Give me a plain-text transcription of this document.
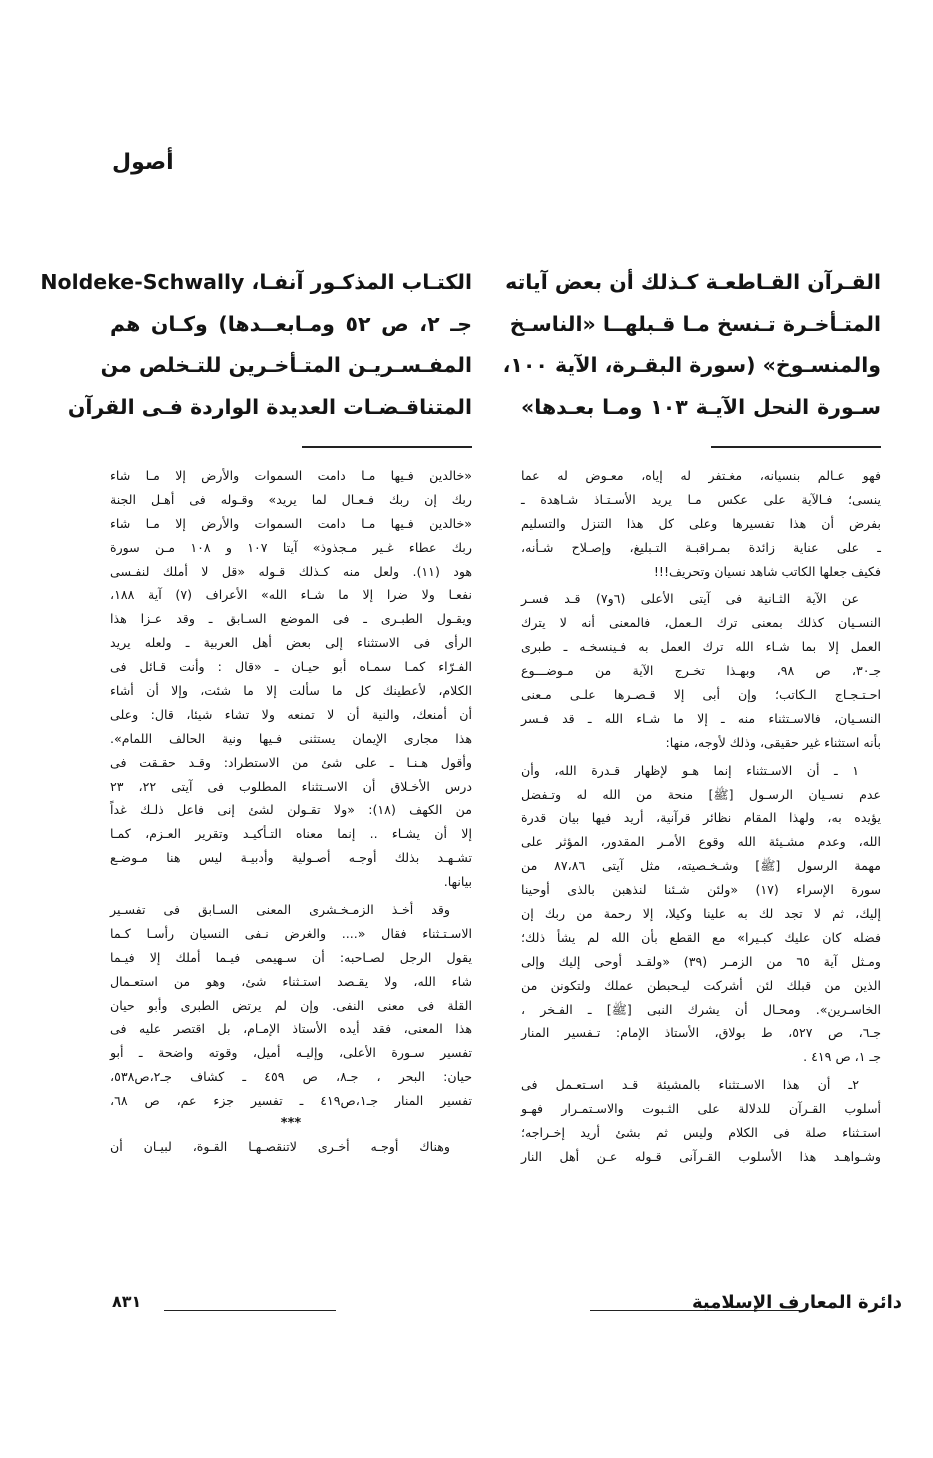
أصول
القـرآن القـاطعـة كـذلك أن بعض آياته
المتـأخـرة تـنسخ مـا قـبلهــا «الناسـخ
والمنسـوخ» (سورة البقـرة، الآية ١٠٠،
سـورة النحل الآيـة ١٠٣ ومـا بعـدها»
فهو عـالم بنسيانه، مغـتفر له إياه، معـوض له عما
ينسى؛ فـالآية على عكس مـا يريد الأسـتـاذ شـاهدة ـ
بفرض أن هذا تفسيرها وعلى كل هذا التنزل والتسليم
ـ على عناية زائدة بمـراقبـة التـبليغ، وإصـلاح شـأنه،
فكيف جعلها الكاتب شاهد نسيان وتحريف!!!
عن الآية الثـانية فى آيتى الأعلى (٦و٧) قـد فسـر
النسـيان كذلك بمعنى ترك الـعمل، فالمعنى أنه لا يترك
العمل إلا بما شـاء الله ترك العمل به فـينسخـه ـ طبرى
جـ٣٠، ص ٩٨، وبهـذا تخـرج الآية من مـوضـــوع
احـتـجـاج الـكاتب؛ وإن أبى إلا قـصـرها علـى مـعنى
النسـيان، فالاسـتثناء منه ـ إلا ما شـاء الله ـ قد فـسر
بأنه استثناء غير حقيقى، وذلك لأوجه، منها:
١ ـ أن الاسـتثناء إنما هـو لإظهار قـدرة الله، وأن
عدم نسـيان الرسـول [ﷺ] منحة من الله له وتـفضل
يؤيده به، ولهذا المقام نظائر قرآنية، أريد فيها بيان قدرة
الله، وعدم مشـيئة الله وقوع الأمـر المقدور، المؤثر على
مهمة الرسول [ﷺ] وشـخـصيته، مثل آيتى ٨٧،٨٦ من
سورة الإسراء (١٧) «ولئن شـئنا لنذهبن بالذى أوحينا
إليك، ثم لا تجد لك به علينا وكيلا، إلا رحمة من ربك إن
فضله كان عليك كبـيرا» مع القطع بأن الله لم يشأ ذلك؛
ومـثل آية ٦٥ من الزمـر (٣٩) «ولقـد أوحى إليك وإلى
الذين من قبلك لئن أشركت ليـحبطن عملك ولتكونن من
الخاسـرين». ومحـال أن يشرك النبى [ﷺ] ـ الفـخر ،
جـ٦، ص ٥٢٧، ط بولاق، الأستاذ الإمام: تـفسير المنار
جـ ١، ص ٤١٩ .
٢ـ أن هذا الاسـتثناء بالمشيئة قـد اسـتعـمل فى
أسلوب القـرآن للدلالة على الثـبوت والاسـتمـرار فهـو
استـثناء صلة فى الكلام وليس ثم بشئ أريد إخـراجه؛
وشـواهـد هذا الأسلوب القـرآنى قـوله عـن أهل النار
الكتـاب المذكـور آنفـا، Noldeke-Schwally
جـ ٢، ص ٥٢ ومـابعــدها) وكـان هم
المفـسـريـن المتـأخـرين للتـخلص من
المتناقـضـات العديدة الواردة فـى القرآن
«خالدين فـيها مـا دامت السموات والأرض إلا مـا شاء
ربك إن ربك فـعـال لما يريد» وقـوله فى أهـل الجنة
«خالدين فـيها مـا دامت السموات والأرض إلا مـا شاء
ربك عطاء غـير مـجذوذ» آيتا ١٠٧ و ١٠٨ مـن سورة
هود (١١). ولعل منه كـذلك قـوله «قل لا أملك لنفـسى
نفعـا ولا ضرا إلا ما شـاء الله» الأعراف (٧) آية ١٨٨،
ويقـول الطبـرى ـ فى الموضع السـابق ـ وقد عـزا هذا
الرأى فى الاستثناء إلى بعض أهل العربية ـ ولعله يريد
الفـرّاء كمـا سمـاه أبو حيـان ـ «قال : وأنت قـائل فى
الكلام، لأعطينك كل ما سألت إلا ما شئت، وإلا أن أشاء
أن أمنعك، والنية أن لا تمنعه ولا تشاء شيئا، قال: وعلى
هذا مجارى الإيمان يستثنى فـيها ونية الحالف اللمام».
وأقول هـنـا ـ على شئ من الاستطراد: وقـد حقـقت فى
درس الأخـلاق أن الاسـتثناء المطلوب فى آيتى ٢٢، ٢٣
من الكهف (١٨): «ولا تقـولن لشئ إنى فاعل ذلـك غداً
إلا أن يشـاء .. إنما معناه التـأكيـد وتقرير العـزم، كمـا
تشـهـد بذلك أوجـه أصـولية وأدبيـة ليس هنا مـوضـع
بيانها.
وقد أخـذ الزمـخـشرى المعنى السـابق فى تفسـير
الاسـتـثناء فقال «.... والغرض نـفى النسيان رأسـا كـما
يقول الرجل لصـاحبه: أن سـهيمى فيـما أملك إلا فيـما
شاء الله، ولا يقـصد استـثناء شئ، وهو من استعـمال
القلة فى معنى النفى. وإن لم يرتض الطبرى وأبو حيان
هذا المعنى، فقد أيده الأستاذ الإمـام، بل اقتصر عليه فى
تفسير سـورة الأعلى، وإليـه أميل، وقوته واضحة ـ أبو
حيان: البحر ، جـ٨، ص ٤٥٩ ـ كشاف جـ٢،ص٥٣٨،
تفسير المنار جـ١،ص٤١٩ ـ تفسير جزء عم، ص ٦٨،
***
وهناك أوجـه أخـرى لاتنقصـهـا القـوة، لبيـان أن
٨٣١	دائرة المعارف الإسلامية
